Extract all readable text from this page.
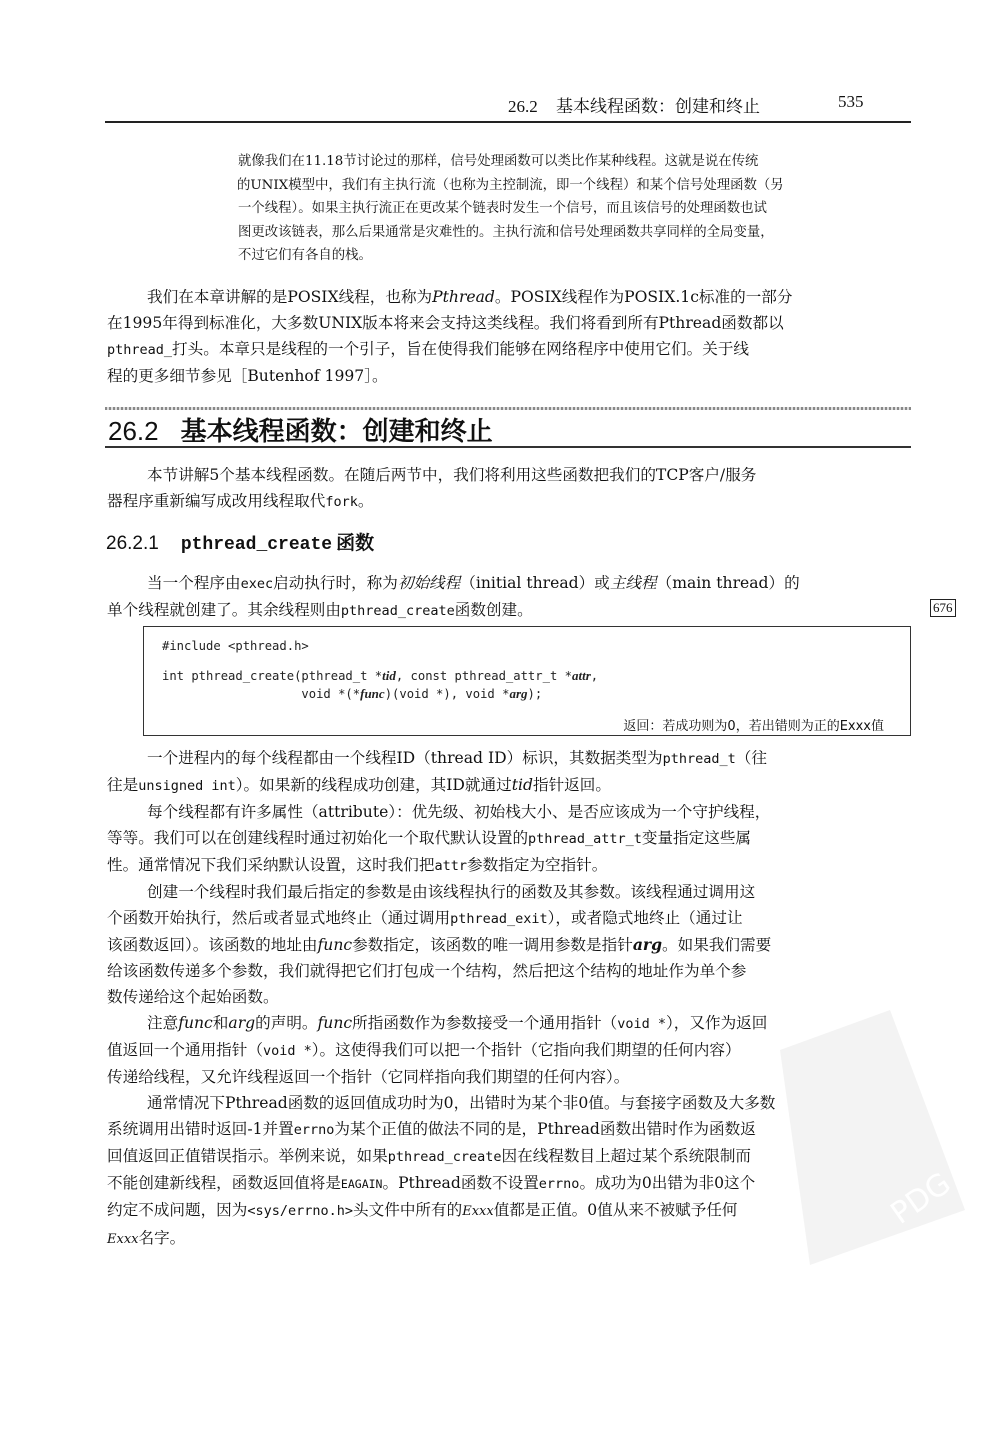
26.2 基本线程函数：创建和终止	535

就像我们在11.18节讨论过的那样，信号处理函数可以类比作某种线程。这就是说在传统

的UNIX模型中，我们有主执行流（也称为主控制流，即一个线程）和某个信号处理函数（另

一个线程）。如果主执行流正在更改某个链表时发生一个信号，而且该信号的处理函数也试

图更改该链表，那么后果通常是灾难性的。主执行流和信号处理函数共享同样的全局变量，

不过它们有各自的栈。

我们在本章讲解的是POSIX线程，也称为Pthread。POSIX线程作为POSIX.1c标准的一部分
在1995年得到标准化，大多数UNIX版本将来会支持这类线程。我们将看到所有Pthread函数都以
pthread_打头。本章只是线程的一个引子，旨在使得我们能够在网络程序中使用它们。关于线
程的更多细节参见［Butenhof 1997］。
26.2 基本线程函数：创建和终止
本节讲解5个基本线程函数。在随后两节中，我们将利用这些函数把我们的TCP客户/服务
器程序重新编写成改用线程取代fork。
26.2.1 pthread_create 函数
当一个程序由exec启动执行时，称为初始线程（initial thread）或主线程（main thread）的
单个线程就创建了。其余线程则由pthread_create函数创建。	676
#include <pthread.h>
int pthread_create(pthread_t *tid, const pthread_attr_t *attr,
void *(*func)(void *), void *arg);
返回：若成功则为0，若出错则为正的Exxx值
一个进程内的每个线程都由一个线程ID（thread ID）标识，其数据类型为pthread_t（往
往是unsigned int）。如果新的线程成功创建，其ID就通过tid指针返回。
每个线程都有许多属性（attribute）：优先级、初始栈大小、是否应该成为一个守护线程，
等等。我们可以在创建线程时通过初始化一个取代默认设置的pthread_attr_t变量指定这些属
性。通常情况下我们采纳默认设置，这时我们把attr参数指定为空指针。
创建一个线程时我们最后指定的参数是由该线程执行的函数及其参数。该线程通过调用这
个函数开始执行，然后或者显式地终止（通过调用pthread_exit），或者隐式地终止（通过让
该函数返回）。该函数的地址由func参数指定，该函数的唯一调用参数是指针arg。如果我们需要
给该函数传递多个参数，我们就得把它们打包成一个结构，然后把这个结构的地址作为单个参
数传递给这个起始函数。
注意func和arg的声明。func所指函数作为参数接受一个通用指针（void *），又作为返回
值返回一个通用指针（void *）。这使得我们可以把一个指针（它指向我们期望的任何内容）
传递给线程，又允许线程返回一个指针（它同样指向我们期望的任何内容）。
通常情况下Pthread函数的返回值成功时为0，出错时为某个非0值。与套接字函数及大多数
系统调用出错时返回-1并置errno为某个正值的做法不同的是，Pthread函数出错时作为函数返
回值返回正值错误指示。举例来说，如果pthread_create因在线程数目上超过某个系统限制而
不能创建新线程，函数返回值将是EAGAIN。Pthread函数不设置errno。成功为0出错为非0这个
约定不成问题，因为<sys/errno.h>头文件中所有的Exxx值都是正值。0值从来不被赋予任何
Exxx名字。
PDG
